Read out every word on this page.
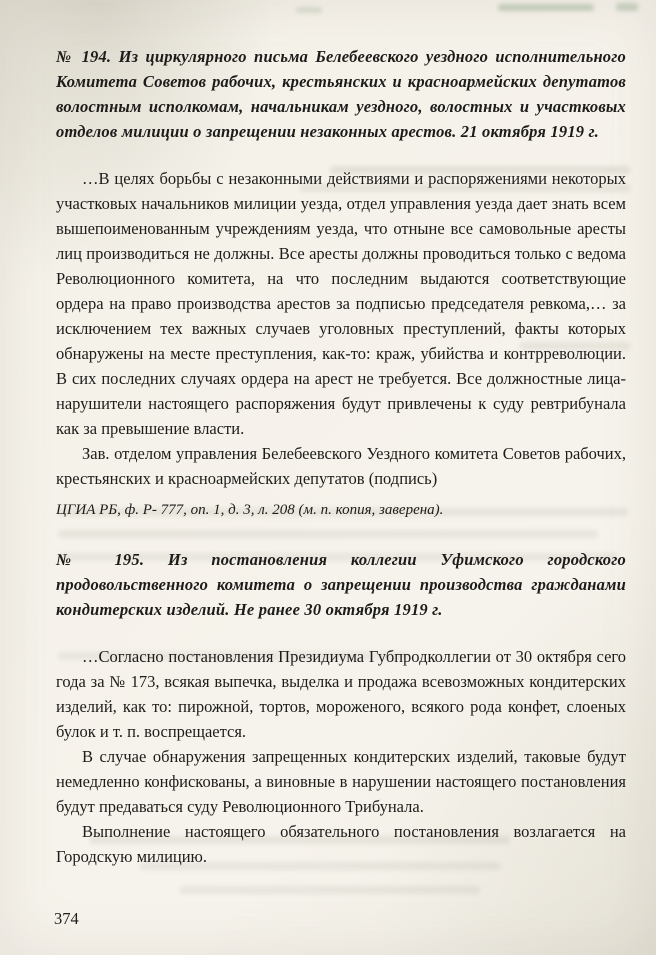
№ 194. Из циркулярного письма Белебеевского уездного исполнительного Комитета Советов рабочих, крестьянских и красноармейских депутатов волостным исполкомам, начальникам уездного, волостных и участковых отделов милиции о запрещении незаконных арестов. 21 октября 1919 г.

…В целях борьбы с незаконными действиями и распоряжениями некоторых участковых начальников милиции уезда, отдел управления уезда дает знать всем вышепоименованным учреждениям уезда, что отныне все самовольные аресты лиц производиться не должны. Все аресты должны проводиться только с ведома Революционного комитета, на что последним выдаются соответствующие ордера на право производства арестов за подписью председателя ревкома,… за исключением тех важных случаев уголовных преступлений, факты которых обнаружены на месте преступления, как-то: краж, убийства и контрреволюции. В сих последних случаях ордера на арест не требуется. Все должностные лица-нарушители настоящего распоряжения будут привлечены к суду ревтрибунала как за превышение власти.

Зав. отделом управления Белебеевского Уездного комитета Советов рабочих, крестьянских и красноармейских депутатов (подпись)

ЦГИА РБ, ф. Р- 777, оп. 1, д. 3, л. 208 (м. п. копия, заверена).

№ 195. Из постановления коллегии Уфимского городского продовольственного комитета о запрещении производства гражданами кондитерских изделий. Не ранее 30 октября 1919 г.

…Согласно постановления Президиума Губпродколлегии от 30 октября сего года за № 173, всякая выпечка, выделка и продажа всевозможных кондитерских изделий, как то: пирожной, тортов, мороженого, всякого рода конфет, слоеных булок и т. п. воспрещается.

В случае обнаружения запрещенных кондитерских изделий, таковые будут немедленно конфискованы, а виновные в нарушении настоящего постановления будут предаваться суду Революционного Трибунала.

Выполнение настоящего обязательного постановления возлагается на Городскую милицию.

374
